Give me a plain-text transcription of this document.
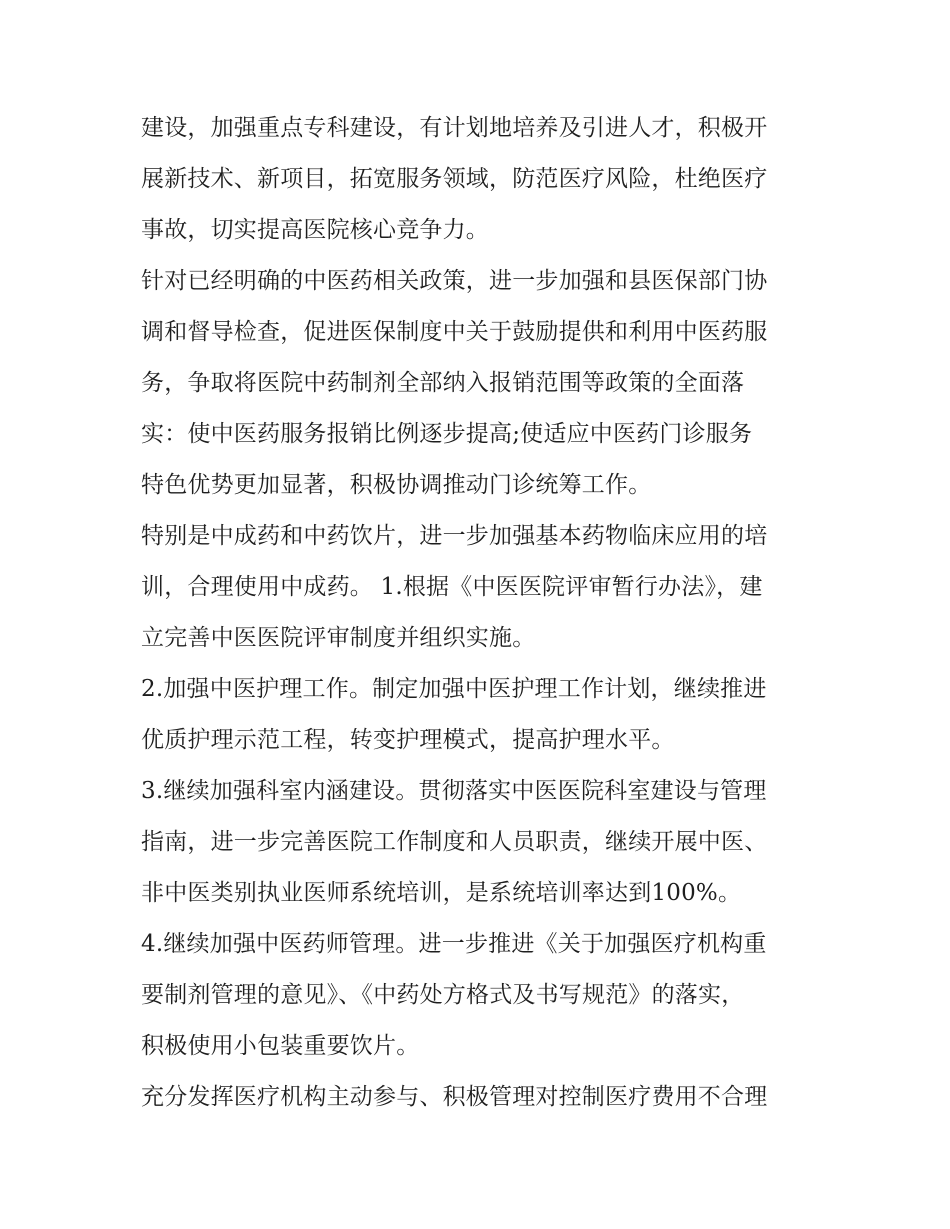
建设，加强重点专科建设，有计划地培养及引进人才，积极开
展新技术、新项目，拓宽服务领域，防范医疗风险，杜绝医疗
事故，切实提高医院核心竞争力。
针对已经明确的中医药相关政策，进一步加强和县医保部门协
调和督导检查，促进医保制度中关于鼓励提供和利用中医药服
务，争取将医院中药制剂全部纳入报销范围等政策的全面落
实：使中医药服务报销比例逐步提高;使适应中医药门诊服务
特色优势更加显著，积极协调推动门诊统筹工作。
特别是中成药和中药饮片，进一步加强基本药物临床应用的培
训，合理使用中成药。 1.根据《中医医院评审暂行办法》，建
立完善中医医院评审制度并组织实施。
2.加强中医护理工作。制定加强中医护理工作计划，继续推进
优质护理示范工程，转变护理模式，提高护理水平。
3.继续加强科室内涵建设。贯彻落实中医医院科室建设与管理
指南，进一步完善医院工作制度和人员职责，继续开展中医、
非中医类别执业医师系统培训，是系统培训率达到100%。
4.继续加强中医药师管理。进一步推进《关于加强医疗机构重
要制剂管理的意见》、《中药处方格式及书写规范》的落实，
积极使用小包装重要饮片。
充分发挥医疗机构主动参与、积极管理对控制医疗费用不合理
